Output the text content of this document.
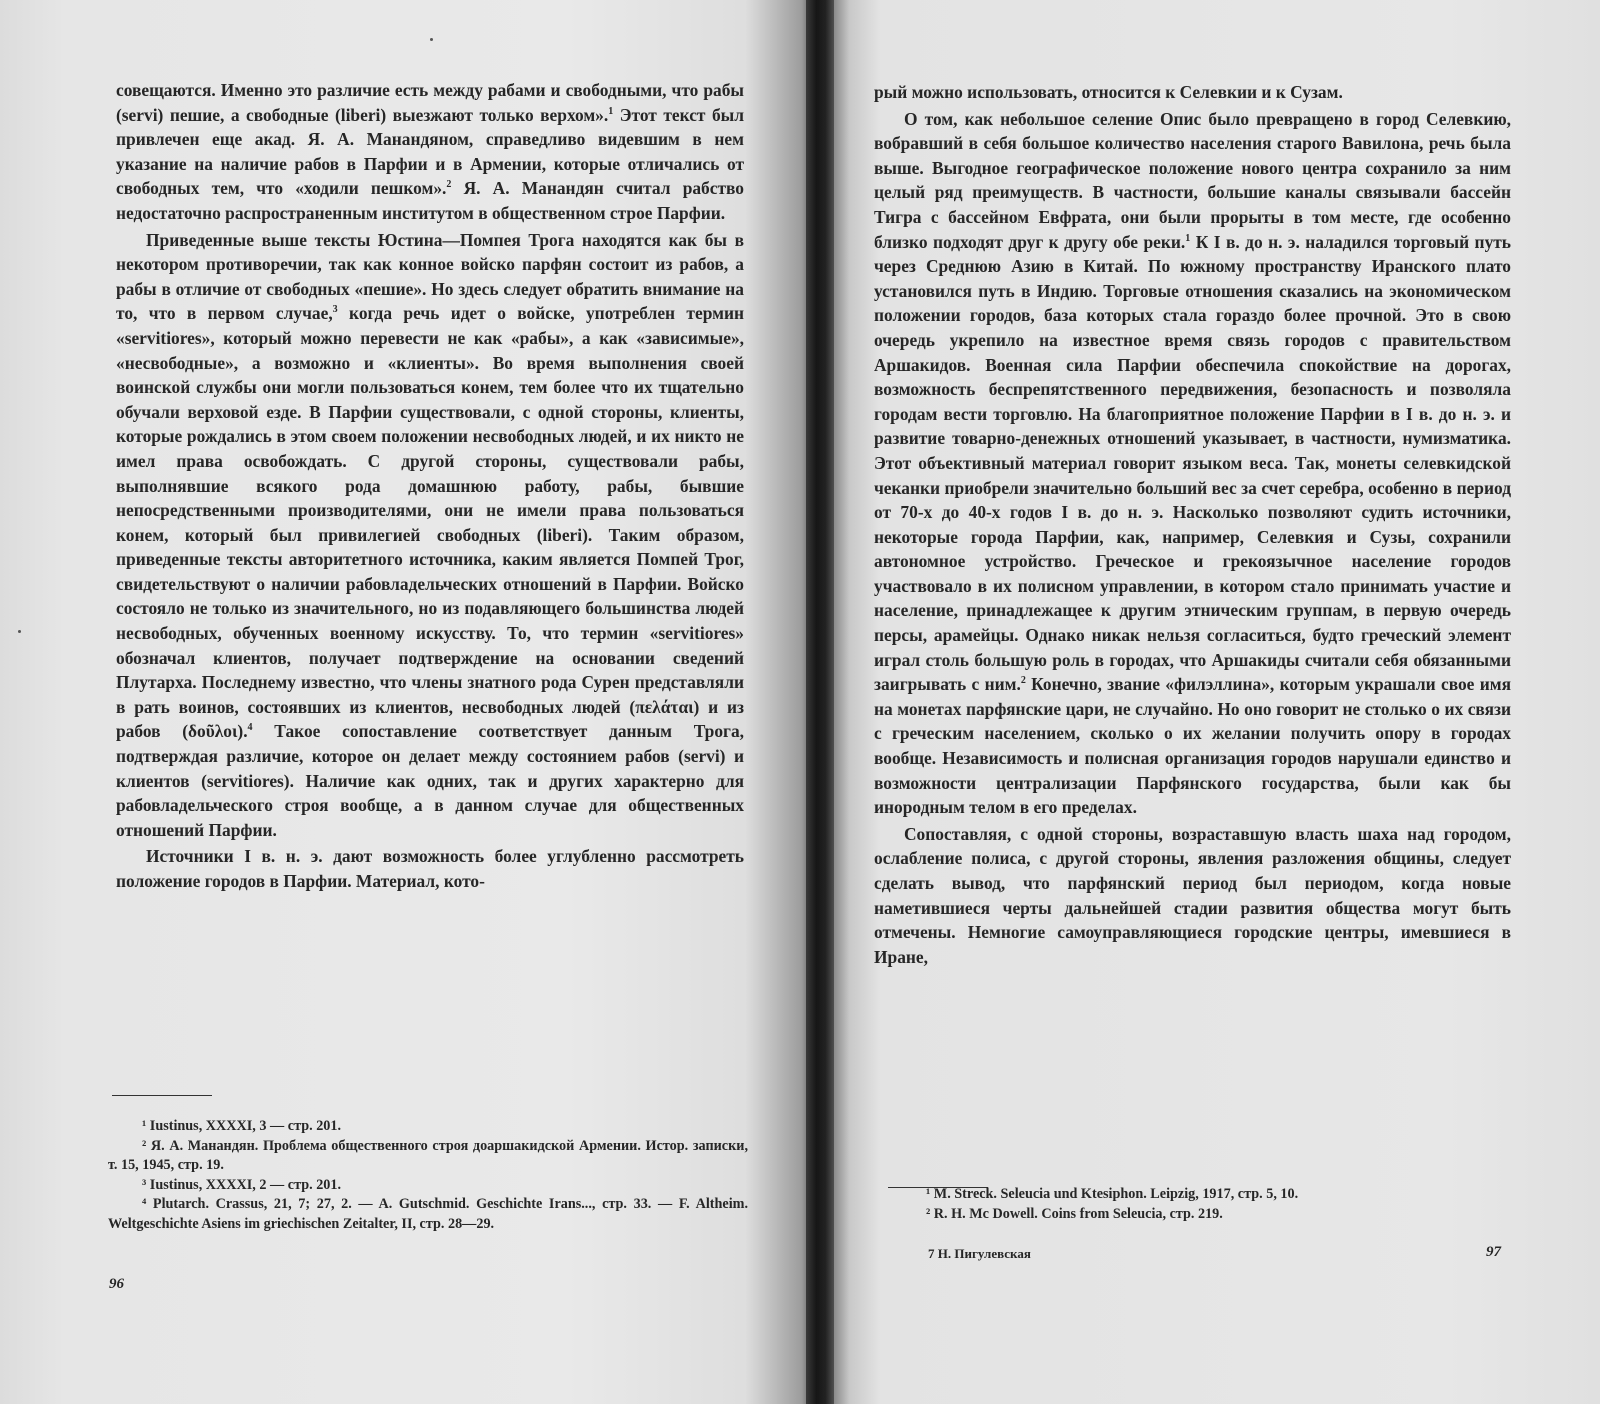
совещаются. Именно это различие есть между рабами и свободными, что рабы (servi) пешие, а свободные (liberi) выезжают только верхом».$^1$ Этот текст был привлечен еще акад. Я. А. Манандяном, справедливо видевшим в нем указание на наличие рабов в Парфии и в Армении, которые отличались от свободных тем, что «ходили пешком».$^2$ Я. А. Манандян считал рабство недостаточно распространенным институтом в общественном строе Парфии.

Приведенные выше тексты Юстина—Помпея Трога находятся как бы в некотором противоречии, так как конное войско парфян состоит из рабов, а рабы в отличие от свободных «пешие». Но здесь следует обратить внимание на то, что в первом случае,$^3$ когда речь идет о войске, употреблен термин «servitiores», который можно перевести не как «рабы», а как «зависимые», «несвободные», а возможно и «клиенты». Во время выполнения своей воинской службы они могли пользоваться конем, тем более что их тщательно обучали верховой езде. В Парфии существовали, с одной стороны, клиенты, которые рождались в этом своем положении несвободных людей, и их никто не имел права освобождать. С другой стороны, существовали рабы, выполнявшие всякого рода домашнюю работу, рабы, бывшие непосредственными производителями, они не имели права пользоваться конем, который был привилегией свободных (liberi). Таким образом, приведенные тексты авторитетного источника, каким является Помпей Трог, свидетельствуют о наличии рабовладельческих отношений в Парфии. Войско состояло не только из значительного, но из подавляющего большинства людей несвободных, обученных военному искусству. То, что термин «servitiores» обозначал клиентов, получает подтверждение на основании сведений Плутарха. Последнему известно, что члены знатного рода Сурен представляли в рать воинов, состоявших из клиентов, несвободных людей (πελάται) и из рабов (δοῦλοι).$^4$ Такое сопоставление соответствует данным Трога, подтверждая различие, которое он делает между состоянием рабов (servi) и клиентов (servitiores). Наличие как одних, так и других характерно для рабовладельческого строя вообще, а в данном случае для общественных отношений Парфии.

Источники I в. н. э. дают возможность более углубленно рассмотреть положение городов в Парфии. Материал, кото-

¹ Iustinus, XXXXI, 3 — стр. 201.

² Я. А. Манандян. Проблема общественного строя доаршакидской Армении. Истор. записки, т. 15, 1945, стр. 19.

³ Iustinus, XXXXI, 2 — стр. 201.

⁴ Plutarch. Crassus, 21, 7; 27, 2. — A. Gutschmid. Geschichte Irans..., стр. 33. — F. Altheim. Weltgeschichte Asiens im griechischen Zeitalter, II, стр. 28—29.

96

рый можно использовать, относится к Селевкии и к Сузам.

О том, как небольшое селение Опис было превращено в город Селевкию, вобравший в себя большое количество населения старого Вавилона, речь была выше. Выгодное географическое положение нового центра сохранило за ним целый ряд преимуществ. В частности, большие каналы связывали бассейн Тигра с бассейном Евфрата, они были прорыты в том месте, где особенно близко подходят друг к другу обе реки.$^1$ К I в. до н. э. наладился торговый путь через Среднюю Азию в Китай. По южному пространству Иранского плато установился путь в Индию. Торговые отношения сказались на экономическом положении городов, база которых стала гораздо более прочной. Это в свою очередь укрепило на известное время связь городов с правительством Аршакидов. Военная сила Парфии обеспечила спокойствие на дорогах, возможность беспрепятственного передвижения, безопасность и позволяла городам вести торговлю. На благоприятное положение Парфии в I в. до н. э. и развитие товарно-денежных отношений указывает, в частности, нумизматика. Этот объективный материал говорит языком веса. Так, монеты селевкидской чеканки приобрели значительно больший вес за счет серебра, особенно в период от 70-х до 40-х годов I в. до н. э. Насколько позволяют судить источники, некоторые города Парфии, как, например, Селевкия и Сузы, сохранили автономное устройство. Греческое и грекоязычное население городов участвовало в их полисном управлении, в котором стало принимать участие и население, принадлежащее к другим этническим группам, в первую очередь персы, арамейцы. Однако никак нельзя согласиться, будто греческий элемент играл столь большую роль в городах, что Аршакиды считали себя обязанными заигрывать с ним.$^2$ Конечно, звание «филэллина», которым украшали свое имя на монетах парфянские цари, не случайно. Но оно говорит не столько о их связи с греческим населением, сколько о их желании получить опору в городах вообще. Независимость и полисная организация городов нарушали единство и возможности централизации Парфянского государства, были как бы инородным телом в его пределах.

Сопоставляя, с одной стороны, возраставшую власть шаха над городом, ослабление полиса, с другой стороны, явления разложения общины, следует сделать вывод, что парфянский период был периодом, когда новые наметившиеся черты дальнейшей стадии развития общества могут быть отмечены. Немногие самоуправляющиеся городские центры, имевшиеся в Иране,

¹ M. Streck. Seleucia und Ktesiphon. Leipzig, 1917, стр. 5, 10.

² R. H. Mc Dowell. Coins from Seleucia, стр. 219.

7 Н. Пигулевская	97
